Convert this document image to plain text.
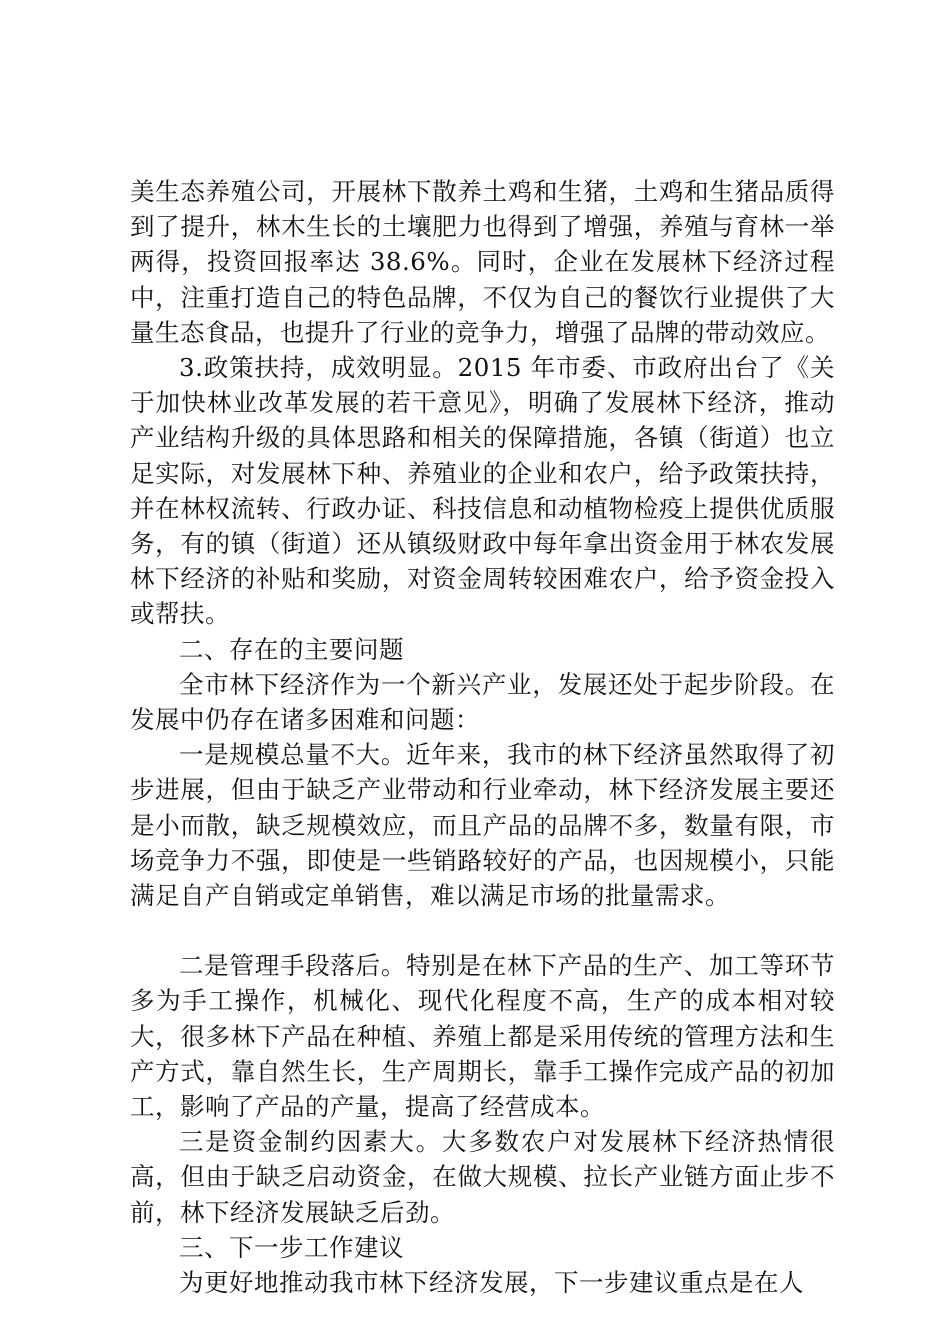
美生态养殖公司，开展林下散养土鸡和生猪，土鸡和生猪品质得到了提升，林木生长的土壤肥力也得到了增强，养殖与育林一举两得，投资回报率达 38.6%。同时，企业在发展林下经济过程中，注重打造自己的特色品牌，不仅为自己的餐饮行业提供了大量生态食品，也提升了行业的竞争力，增强了品牌的带动效应。

3.政策扶持，成效明显。2015 年市委、市政府出台了《关于加快林业改革发展的若干意见》，明确了发展林下经济，推动产业结构升级的具体思路和相关的保障措施，各镇（街道）也立足实际，对发展林下种、养殖业的企业和农户，给予政策扶持，并在林权流转、行政办证、科技信息和动植物检疫上提供优质服务，有的镇（街道）还从镇级财政中每年拿出资金用于林农发展林下经济的补贴和奖励，对资金周转较困难农户，给予资金投入或帮扶。

二、存在的主要问题

全市林下经济作为一个新兴产业，发展还处于起步阶段。在发展中仍存在诸多困难和问题：

一是规模总量不大。近年来，我市的林下经济虽然取得了初步进展，但由于缺乏产业带动和行业牵动，林下经济发展主要还是小而散，缺乏规模效应，而且产品的品牌不多，数量有限，市场竞争力不强，即使是一些销路较好的产品，也因规模小，只能满足自产自销或定单销售，难以满足市场的批量需求。

二是管理手段落后。特别是在林下产品的生产、加工等环节多为手工操作，机械化、现代化程度不高，生产的成本相对较大，很多林下产品在种植、养殖上都是采用传统的管理方法和生产方式，靠自然生长，生产周期长，靠手工操作完成产品的初加工，影响了产品的产量，提高了经营成本。

三是资金制约因素大。大多数农户对发展林下经济热情很高，但由于缺乏启动资金，在做大规模、拉长产业链方面止步不前，林下经济发展缺乏后劲。

三、下一步工作建议

为更好地推动我市林下经济发展，下一步建议重点是在人
